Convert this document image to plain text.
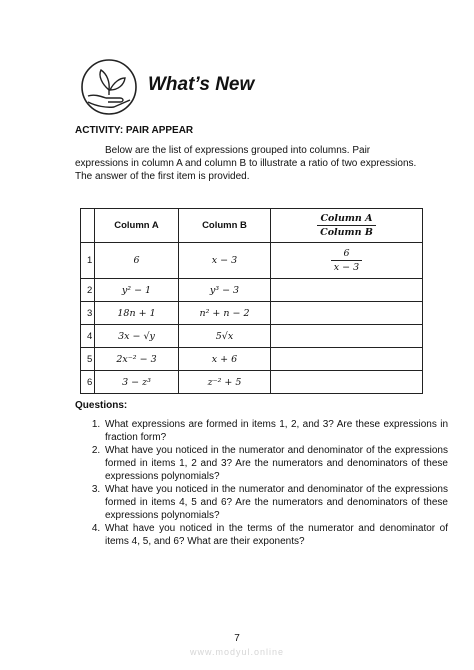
What’s New
ACTIVITY: PAIR APPEAR
Below are the list of expressions grouped into columns. Pair expressions in column A and column B to illustrate a ratio of two expressions. The answer of the first item is provided.
	Column A	Column B	$\frac{\text{Column A}}{\text{Column B}}$

1	6	x − 3	$\frac{6}{x - 3}$

2	y² − 1	y³ − 3	
3	18n + 1	n² + n − 2	
4	3x − √y	5√x	
5	2x⁻² − 3	x + 6	
6	3 − z³	z⁻² + 5	
Questions:
1. What expressions are formed in items 1, 2, and 3? Are these expressions in fraction form?
2. What have you noticed in the numerator and denominator of the expressions formed in items 1, 2 and 3? Are the numerators and denominators of these expressions polynomials?
3. What have you noticed in the numerator and denominator of the expressions formed in items 4, 5 and 6? Are the numerators and denominators of these expressions polynomials?
4. What have you noticed in the terms of the numerator and denominator of items 4, 5, and 6? What are their exponents?
7
www.modyul.online
